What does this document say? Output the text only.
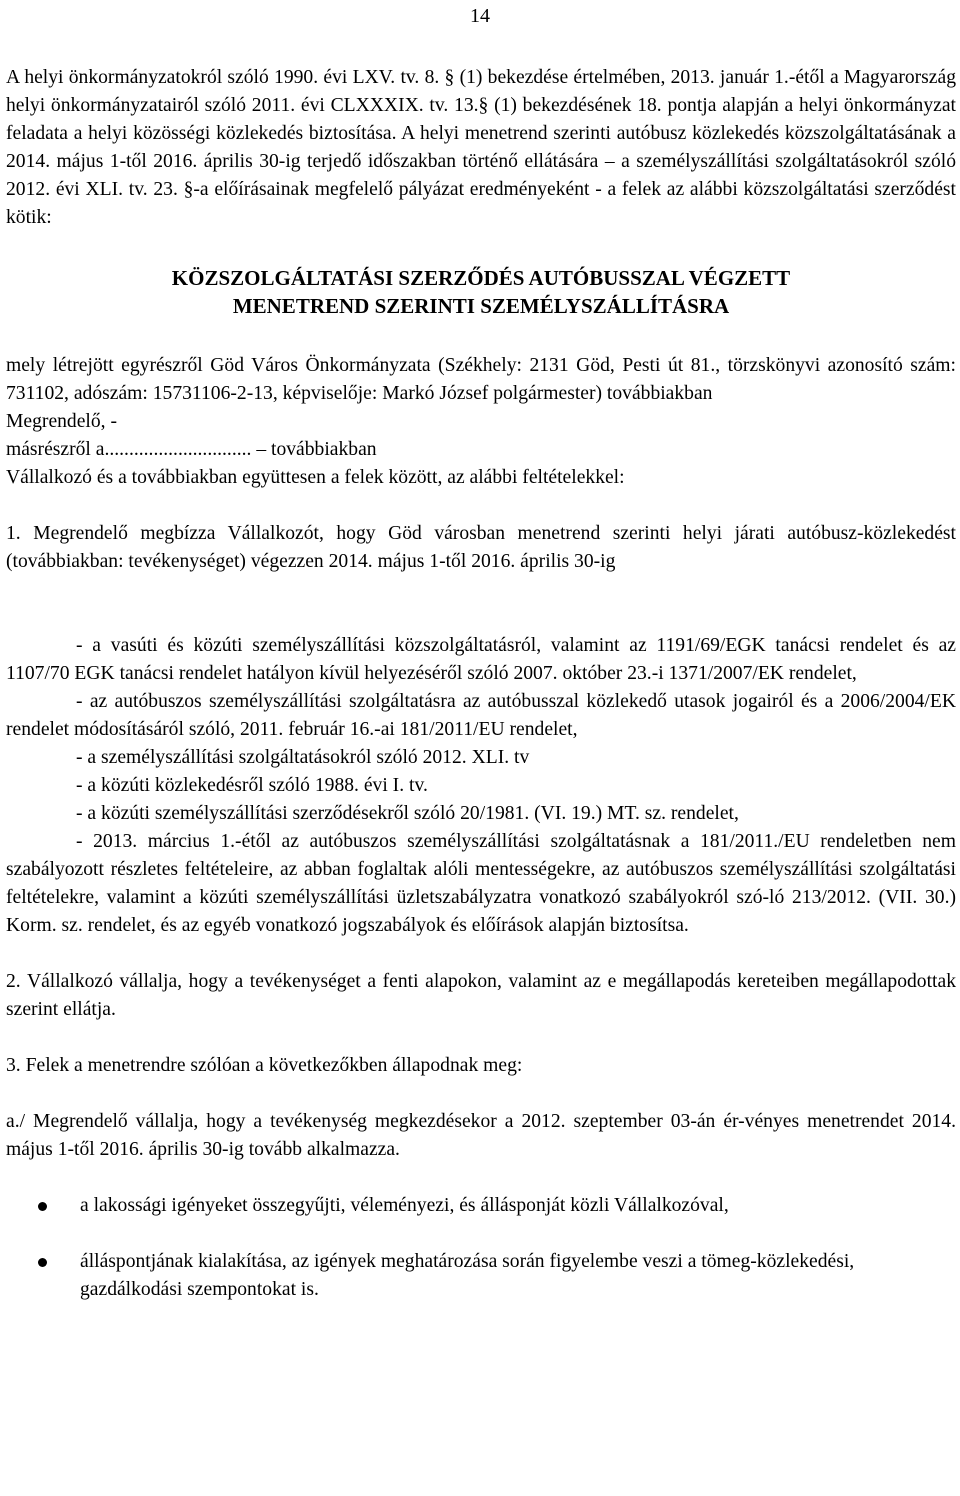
14

A helyi önkormányzatokról szóló 1990. évi LXV. tv. 8. § (1) bekezdése értelmében, 2013. január 1.-étől a Magyarország helyi önkormányzatairól szóló 2011. évi CLXXXIX. tv. 13.§ (1) bekezdésének 18. pontja alapján a helyi önkormányzat feladata a helyi közösségi közlekedés biztosítása. A helyi menetrend szerinti autóbusz közlekedés közszolgáltatásának a 2014. május 1-től 2016. április 30-ig terjedő időszakban történő ellátására – a személyszállítási szolgáltatásokról szóló 2012. évi XLI. tv. 23. §-a előírásainak megfelelő pályázat eredményeként - a felek az alábbi közszolgáltatási szerződést kötik:

KÖZSZOLGÁLTATÁSI SZERZŐDÉS AUTÓBUSSZAL VÉGZETT
MENETREND SZERINTI SZEMÉLYSZÁLLÍTÁSRA

mely létrejött egyrészről Göd Város Önkormányzata (Székhely: 2131 Göd, Pesti út 81., törzskönyvi azonosító szám: 731102, adószám: 15731106-2-13, képviselője: Markó József polgármester) továbbiakban

Megrendelő, -

másrészről a.............................. – továbbiakban

Vállalkozó és a továbbiakban együttesen a felek között, az alábbi feltételekkel:

1. Megrendelő megbízza Vállalkozót, hogy Göd városban menetrend szerinti helyi járati autóbusz-közlekedést (továbbiakban: tevékenységet) végezzen 2014. május 1-től 2016. április 30-ig

- a vasúti és közúti személyszállítási közszolgáltatásról, valamint az 1191/69/EGK tanácsi rendelet és az 1107/70 EGK tanácsi rendelet hatályon kívül helyezéséről szóló 2007. október 23.-i 1371/2007/EK rendelet,

- az autóbuszos személyszállítási szolgáltatásra az autóbusszal közlekedő utasok jogairól és a 2006/2004/EK rendelet módosításáról szóló, 2011. február 16.-ai 181/2011/EU rendelet,

- a személyszállítási szolgáltatásokról szóló 2012. XLI. tv

- a közúti közlekedésről szóló 1988. évi I. tv.

- a közúti személyszállítási szerződésekről szóló 20/1981. (VI. 19.) MT. sz. rendelet,

- 2013. március 1.-étől az autóbuszos személyszállítási szolgáltatásnak a 181/2011./EU rendeletben nem szabályozott részletes feltételeire, az abban foglaltak alóli mentességekre, az autóbuszos személyszállítási szolgáltatási feltételekre, valamint a közúti személyszállítási üzletszabályzatra vonatkozó szabályokról szó-ló 213/2012. (VII. 30.) Korm. sz. rendelet, és az egyéb vonatkozó jogszabályok és előírások alapján biztosítsa.

2. Vállalkozó vállalja, hogy a tevékenységet a fenti alapokon, valamint az e megállapodás kereteiben megállapodottak szerint ellátja.

3. Felek a menetrendre szólóan a következőkben állapodnak meg:

a./ Megrendelő vállalja, hogy a tevékenység megkezdésekor a 2012. szeptember 03-án ér-vényes menetrendet 2014. május 1-től 2016. április 30-ig tovább alkalmazza.

a lakossági igényeket összegyűjti, véleményezi, és állásponját közli Vállalkozóval,
álláspontjának kialakítása, az igények meghatározása során figyelembe veszi a tömeg-közlekedési, gazdálkodási szempontokat is.
